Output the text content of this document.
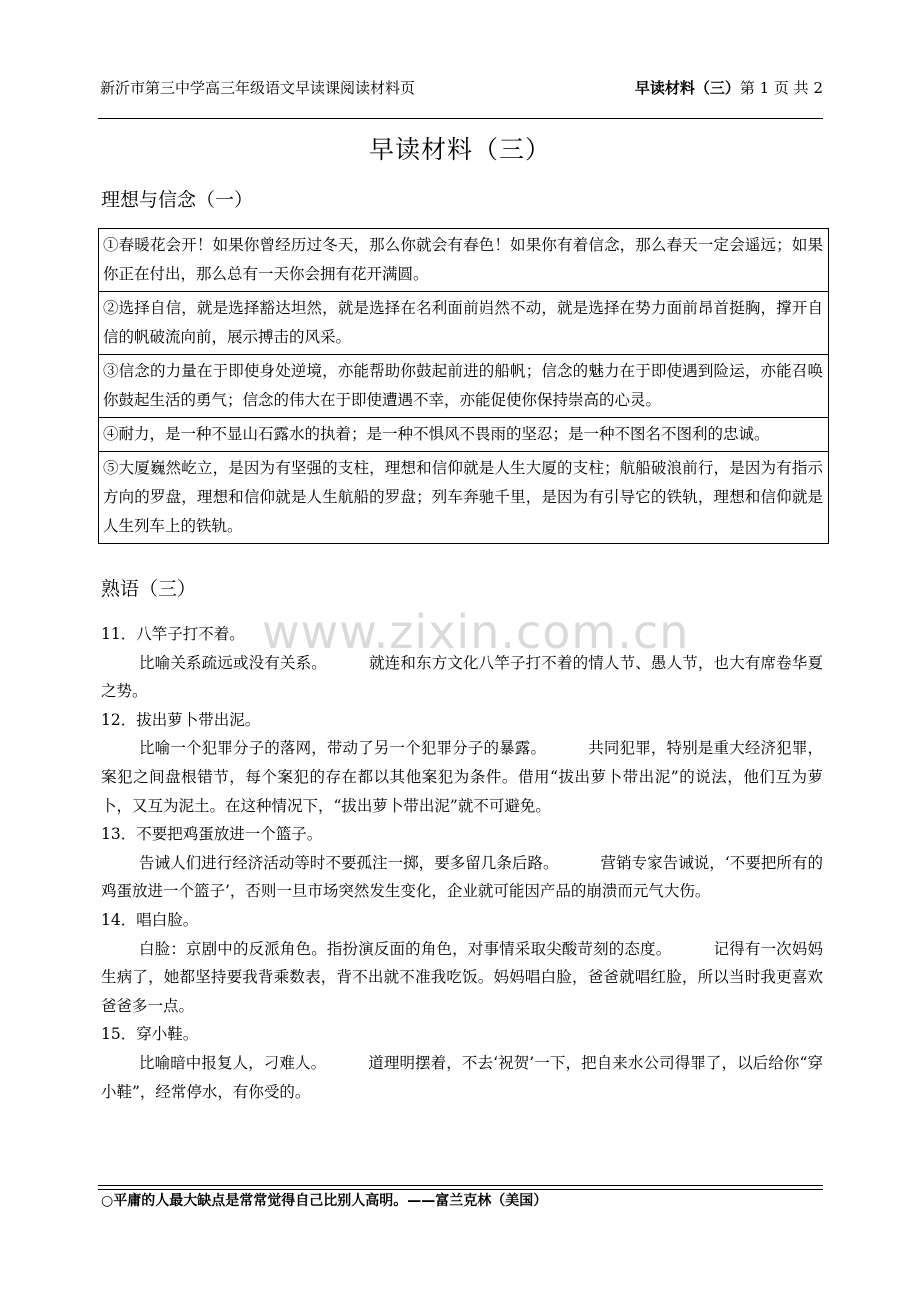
新沂市第三中学高三年级语文早读课阅读材料页	早读材料（三）第 1 页 共 2
早读材料（三）
理想与信念（一）
①春暖花会开！如果你曾经历过冬天，那么你就会有春色！如果你有着信念，那么春天一定会遥远；如果你正在付出，那么总有一天你会拥有花开满圆。
②选择自信，就是选择豁达坦然，就是选择在名利面前岿然不动，就是选择在势力面前昂首挺胸，撑开自信的帆破流向前，展示搏击的风采。
③信念的力量在于即使身处逆境，亦能帮助你鼓起前进的船帆；信念的魅力在于即使遇到险运，亦能召唤你鼓起生活的勇气；信念的伟大在于即使遭遇不幸，亦能促使你保持崇高的心灵。
④耐力，是一种不显山石露水的执着；是一种不惧风不畏雨的坚忍；是一种不图名不图利的忠诚。
⑤大厦巍然屹立，是因为有坚强的支柱，理想和信仰就是人生大厦的支柱；航船破浪前行，是因为有指示方向的罗盘，理想和信仰就是人生航船的罗盘；列车奔驰千里，是因为有引导它的铁轨，理想和信仰就是人生列车上的铁轨。
熟语（三）
www.zixin.com.cn
11．八竿子打不着。
比喻关系疏远或没有关系。	就连和东方文化八竿子打不着的情人节、愚人节，也大有席卷华夏之势。
12．拔出萝卜带出泥。
比喻一个犯罪分子的落网，带动了另一个犯罪分子的暴露。	共同犯罪，特别是重大经济犯罪，案犯之间盘根错节，每个案犯的存在都以其他案犯为条件。借用“拔出萝卜带出泥”的说法，他们互为萝卜，又互为泥土。在这种情况下，“拔出萝卜带出泥”就不可避免。
13．不要把鸡蛋放进一个篮子。
告诫人们进行经济活动等时不要孤注一掷，要多留几条后路。	营销专家告诫说，‘不要把所有的鸡蛋放进一个篮子’，否则一旦市场突然发生变化，企业就可能因产品的崩溃而元气大伤。
14．唱白脸。
白脸：京剧中的反派角色。指扮演反面的角色，对事情采取尖酸苛刻的态度。	记得有一次妈妈生病了，她都坚持要我背乘数表，背不出就不准我吃饭。妈妈唱白脸，爸爸就唱红脸，所以当时我更喜欢爸爸多一点。
15．穿小鞋。
比喻暗中报复人，刁难人。	道理明摆着，不去‘祝贺’一下，把自来水公司得罪了，以后给你“穿小鞋”，经常停水，有你受的。
○平庸的人最大缺点是常常觉得自己比别人高明。——富兰克林（美国）
